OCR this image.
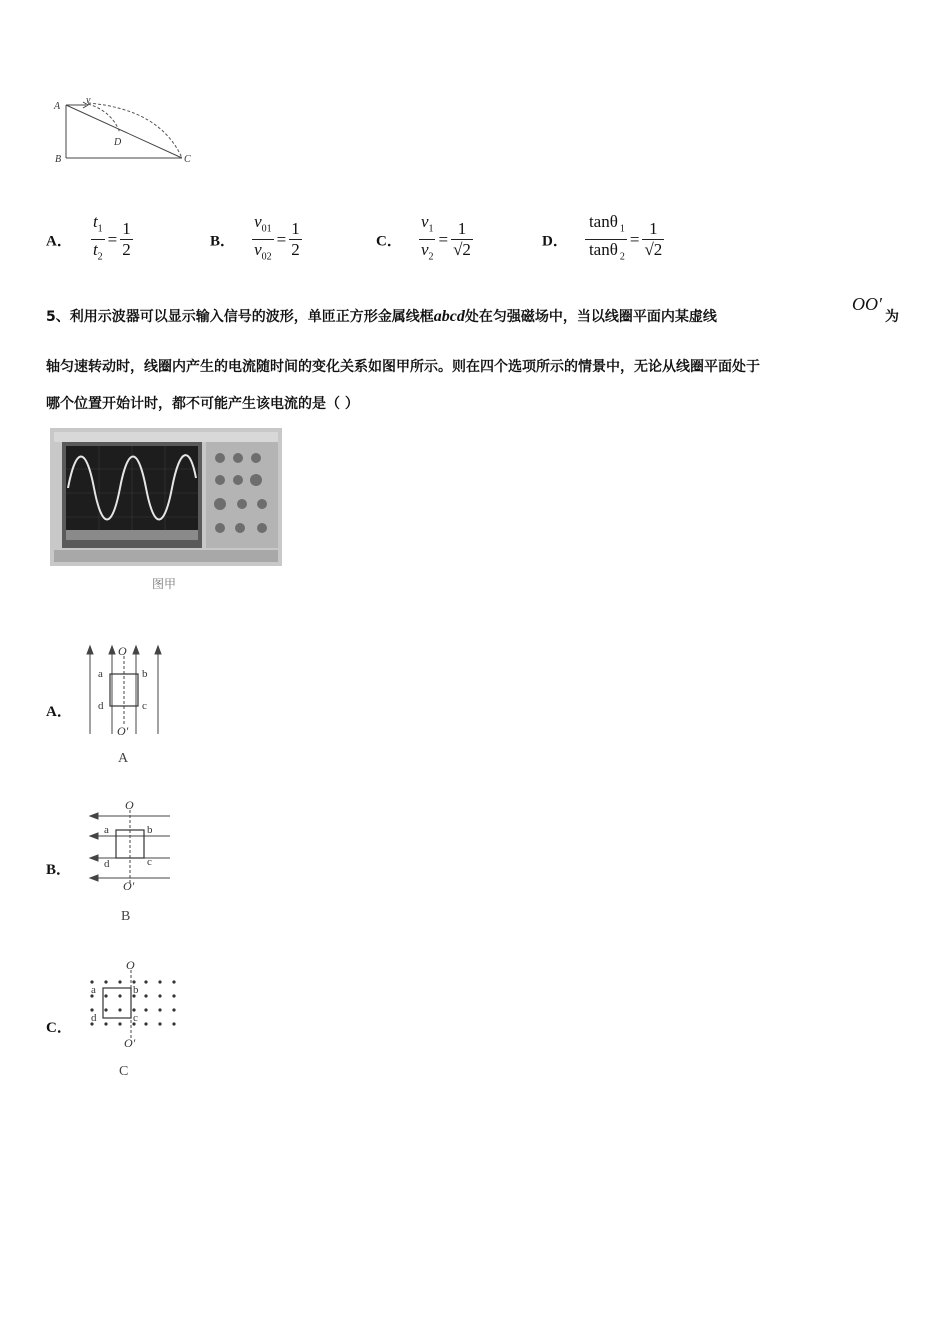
A
v
D
B	C
A． $\frac{t_1}{t_2} = \frac{1}{2}$	B． $\frac{v_{01}}{v_{02}} = \frac{1}{2}$	C． $\frac{v_1}{v_2} = \frac{1}{√2}$	D． $\frac{\tan\theta _1}{\tan\theta _2} = \frac{1}{√2}$
5、利用示波器可以显示输入信号的波形，单匝正方形金属线框abcd处在匀强磁场中，当以线圈平面内某虚线
OO′
为
轴匀速转动时，线圈内产生的电流随时间的变化关系如图甲所示。则在四个选项所示的情景中，无论从线圈平面处于
哪个位置开始计时，都不可能产生该电流的是（ ）
图甲
A．
O
O′
a	b
c
d
A
B．
O
O′
a	b
c
d
B
C．
O
O′
a	b
c
d
C
